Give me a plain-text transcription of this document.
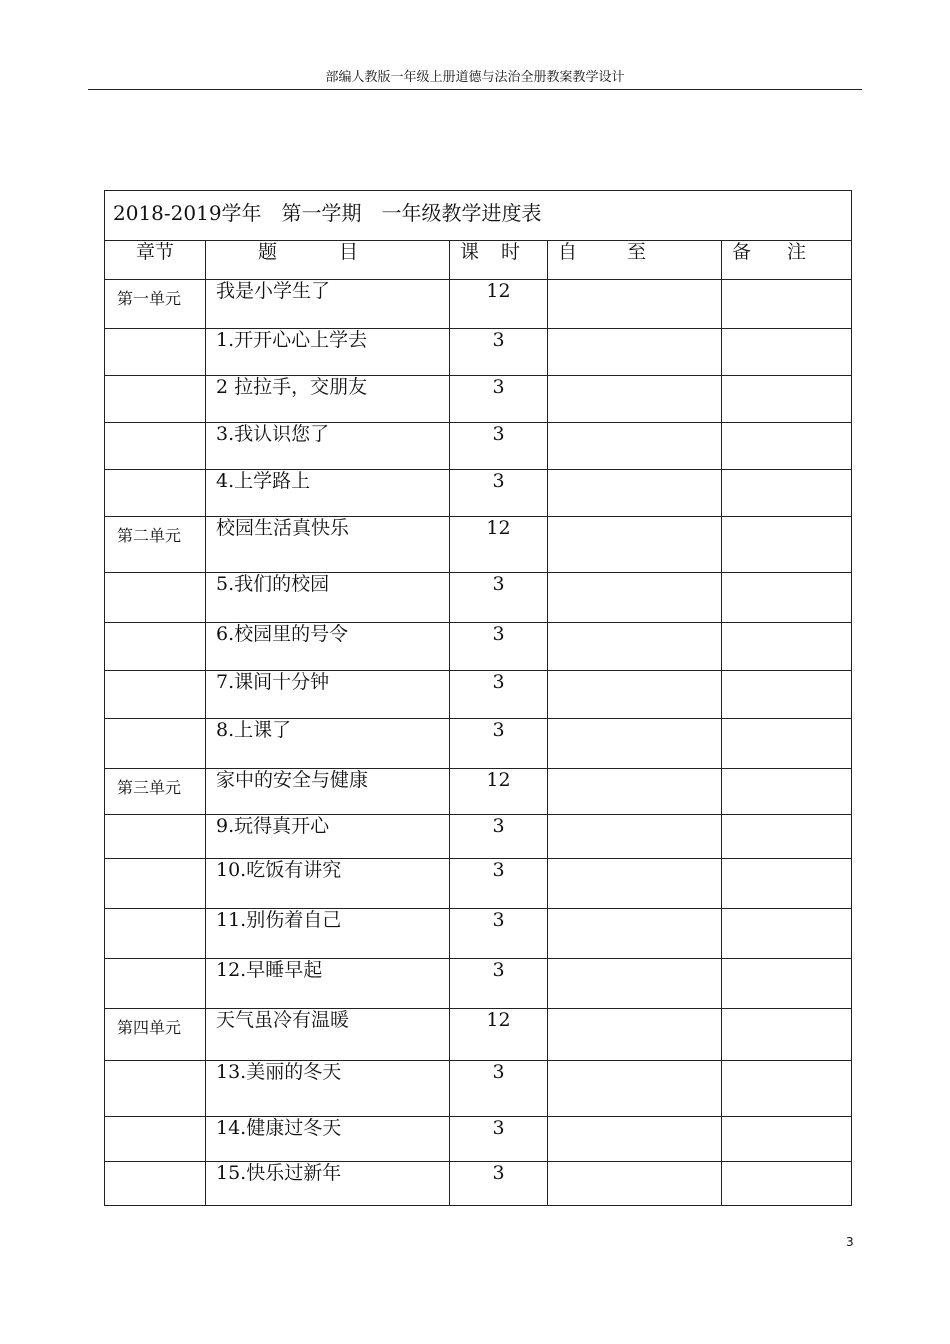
部编人教版一年级上册道德与法治全册教案教学设计
2018-2019学年　第一学期　一年级教学进度表				
章节	题 目	课 时	自 至	备 注
第一单元	我是小学生了	12		
	1.开开心心上学去	3		
	2 拉拉手，交朋友	3		
	3.我认识您了	3		
	4.上学路上	3		
第二单元	校园生活真快乐	12		
	5.我们的校园	3		
	6.校园里的号令	3		
	7.课间十分钟	3		
	8.上课了	3		
第三单元	家中的安全与健康	12		
	9.玩得真开心	3		
	10.吃饭有讲究	3		
	11.别伤着自己	3		
	12.早睡早起	3		
第四单元	天气虽冷有温暖	12		
	13.美丽的冬天	3		
	14.健康过冬天	3		
	15.快乐过新年	3		
3
